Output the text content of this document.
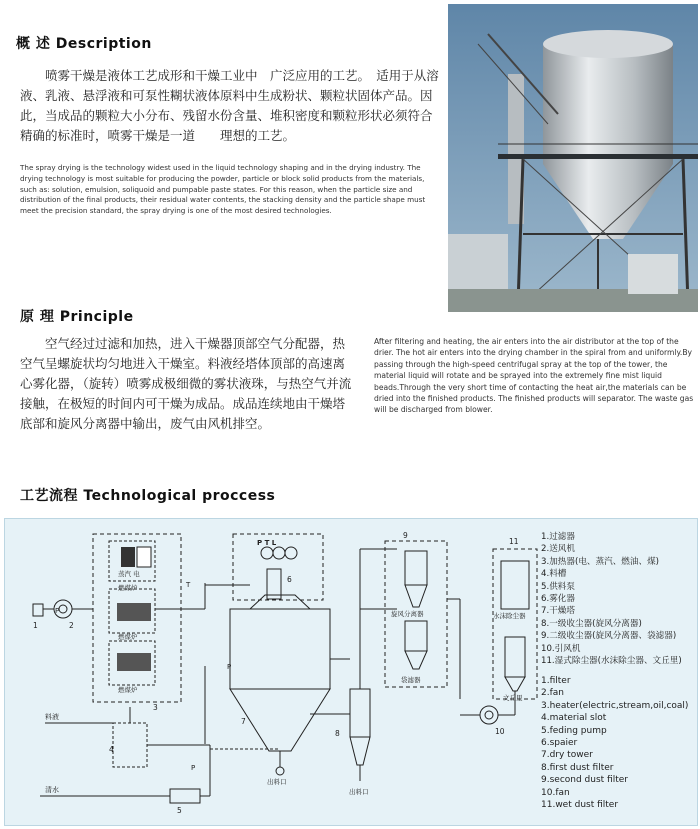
概 述 Description
喷雾干燥是液体工艺成形和干燥工业中　广泛应用的工艺。　适用于从溶液、乳液、悬浮液和可泵性糊状液体原料中生成粉状、颗粒状固体产品。因此，当成品的颗粒大小分布、残留水份含量、堆积密度和颗粒形状必须符合精确的标准时，喷雾干燥是一道　　理想的工艺。
The spray drying is the technology widest used in the liquid technology shaping and in the drying industry. The drying technology is most suitable for producing the powder, particle or block solid products from the materials, such as: solution, emulsion, soliquoid and pumpable paste states. For this reason, when the particle size and distribution of the final products, their residual water contents, the stacking density and the particle shape must meet the precision standard, the spray drying is one of the most desired technologies.
原 理 Principle
空气经过过滤和加热，进入干燥器顶部空气分配器，热空气呈螺旋状均匀地进入干燥室。料液经塔体顶部的高速离心雾化器，（旋转）喷雾成极细微的雾状液珠，与热空气并流接触，在极短的时间内可干燥为成品。成品连续地由干燥塔底部和旋风分离器中输出，废气由风机排空。
After filtering and heating, the air enters into the air distributor at the top of the drier. The hot air enters into the drying chamber in the spiral from and uniformly.By passing through the high-speed centrifugal spray at the top of the tower, the material liquid will rotate and be sprayed into the extremely fine mist liquid beads.Through the very short time of contacting the heat air,the materials can be dried into the finished products. The finished products will separator. The waste gas will be discharged from blower.
工艺流程 Technological proccess
蒸汽 电
燃煤炉
燃煤炉
燃煤炉
料液
清水
出料口
出料口
旋风分离器
袋滤器
水沫除尘器
文丘里
P T L
T
P
P
P
1	2
3
4
5
6
7
8
9
10
11	1.过滤器
2.送风机
3.加热器(电、蒸汽、燃油、煤)
4.料槽
5.供料泵
6.雾化器
7.干燥塔
8.一级收尘器(旋风分离器)
9.二级收尘器(旋风分离器、袋滤器)
10.引风机
11.湿式除尘器(水沫除尘器、文丘里)
1.filter
2.fan
3.heater(electric,stream,oil,coal)
4.material slot
5.feding pump
6.spaier
7.dry tower
8.first dust filter
9.second dust filter
10.fan
11.wet dust filter
